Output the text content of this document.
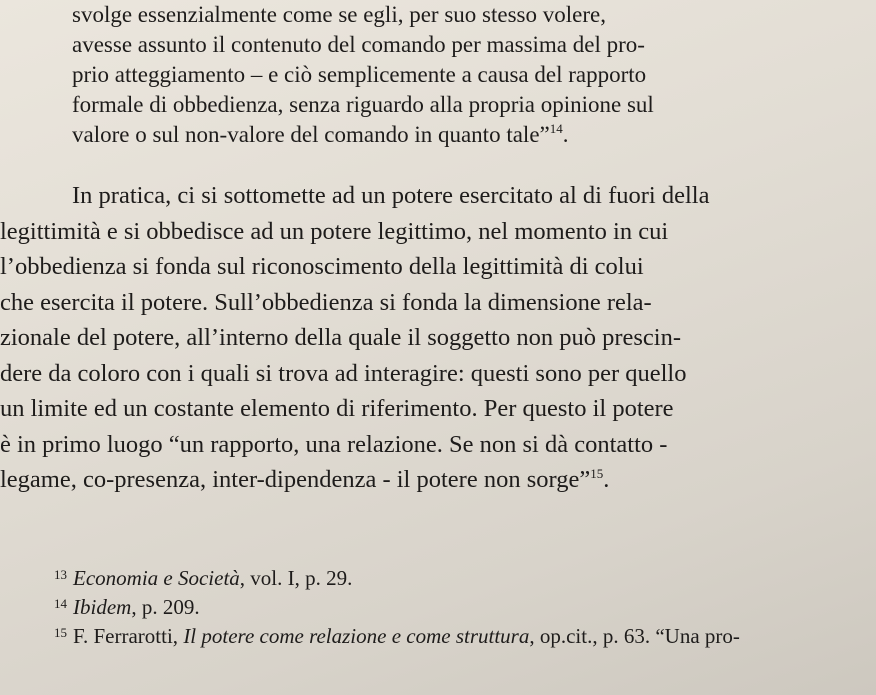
svolge essenzialmente come se egli, per suo stesso volere,
avesse assunto il contenuto del comando per massima del pro-
prio atteggiamento – e ciò semplicemente a causa del rapporto
formale di obbedienza, senza riguardo alla propria opinione sul
valore o sul non-valore del comando in quanto tale”$^{14}$.
In pratica, ci si sottomette ad un potere esercitato al di fuori della
legittimità e si obbedisce ad un potere legittimo, nel momento in cui
l’obbedienza si fonda sul riconoscimento della legittimità di colui
che esercita il potere. Sull’obbedienza si fonda la dimensione rela-
zionale del potere, all’interno della quale il soggetto non può prescin-
dere da coloro con i quali si trova ad interagire: questi sono per quello
un limite ed un costante elemento di riferimento. Per questo il potere
è in primo luogo “un rapporto, una relazione. Se non si dà contatto -
legame, co-presenza, inter-dipendenza - il potere non sorge”$^{15}$.
$^{13}$ Economia e Società, vol. I, p. 29.
$^{14}$ Ibidem, p. 209.
$^{15}$ F. Ferrarotti, Il potere come relazione e come struttura, op.cit., p. 63. “Una pro-
